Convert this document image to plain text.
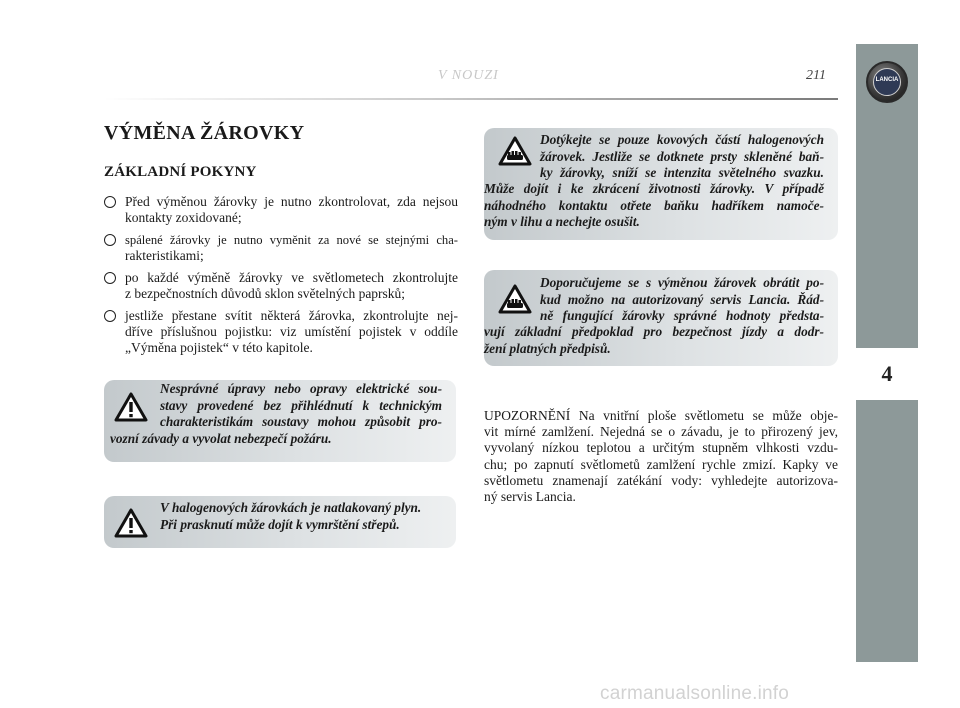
V NOUZI	211	LANCIA
4
VÝMĚNA ŽÁROVKY
ZÁKLADNÍ POKYNY
Před výměnou žárovky je nutno zkontrolovat, zda nejsou
kontakty zoxidované;
spálené žárovky je nutno vyměnit za nové se stejnými cha-
rakteristikami;
po každé výměně žárovky ve světlometech zkontrolujte
z bezpečnostních důvodů sklon světelných paprsků;
jestliže přestane svítit některá žárovka, zkontrolujte nej-
dříve příslušnou pojistku: viz umístění pojistek v oddíle
„Výměna pojistek“ v této kapitole.
Nesprávné úpravy nebo opravy elektrické sou-
stavy provedené bez přihlédnutí k technickým
charakteristikám soustavy mohou způsobit pro-
vozní závady a vyvolat nebezpečí požáru.
V halogenových žárovkách je natlakovaný plyn.
Při prasknutí může dojít k vymrštění střepů.
Dotýkejte se pouze kovových částí halogenových
žárovek. Jestliže se dotknete prsty skleněné baň-
ky žárovky, sníží se intenzita světelného svazku.
Může dojít i ke zkrácení životnosti žárovky. V případě
náhodného kontaktu otřete baňku hadříkem namoče-
ným v lihu a nechejte osušit.
Doporučujeme se s výměnou žárovek obrátit po-
kud možno na autorizovaný servis Lancia. Řád-
ně fungující žárovky správné hodnoty předsta-
vují základní předpoklad pro bezpečnost jízdy a dodr-
žení platných předpisů.
UPOZORNĚNÍ Na vnitřní ploše světlometu se může obje-
vit mírné zamlžení. Nejedná se o závadu, je to přirozený jev,
vyvolaný nízkou teplotou a určitým stupněm vlhkosti vzdu-
chu; po zapnutí světlometů zamlžení rychle zmizí. Kapky ve
světlometu znamenají zatékání vody: vyhledejte autorizova-
ný servis Lancia.
carmanualsonline.info
